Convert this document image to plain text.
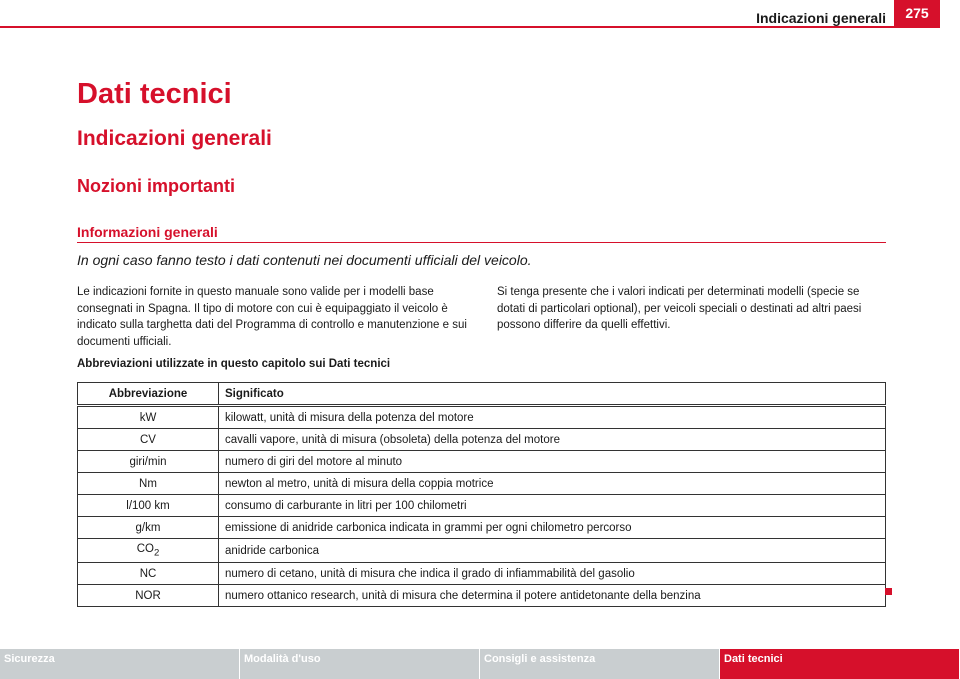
Indicazioni generali	275
Dati tecnici
Indicazioni generali
Nozioni importanti
Informazioni generali
In ogni caso fanno testo i dati contenuti nei documenti ufficiali del veicolo.
Le indicazioni fornite in questo manuale sono valide per i modelli base consegnati in Spagna. Il tipo di motore con cui è equipaggiato il veicolo è indicato sulla targhetta dati del Programma di controllo e manutenzione e sui documenti ufficiali.
Si tenga presente che i valori indicati per determinati modelli (specie se dotati di particolari optional), per veicoli speciali o destinati ad altri paesi possono differire da quelli effettivi.
Abbreviazioni utilizzate in questo capitolo sui Dati tecnici
Abbreviazione	Significato
kW	kilowatt, unità di misura della potenza del motore
CV	cavalli vapore, unità di misura (obsoleta) della potenza del motore
giri/min	numero di giri del motore al minuto
Nm	newton al metro, unità di misura della coppia motrice
l/100 km	consumo di carburante in litri per 100 chilometri
g/km	emissione di anidride carbonica indicata in grammi per ogni chilometro percorso
$CO_2$	anidride carbonica
NC	numero di cetano, unità di misura che indica il grado di infiammabilità del gasolio
NOR	numero ottanico research, unità di misura che determina il potere antidetonante della benzina
Sicurezza	Modalità d'uso	Consigli e assistenza	Dati tecnici
